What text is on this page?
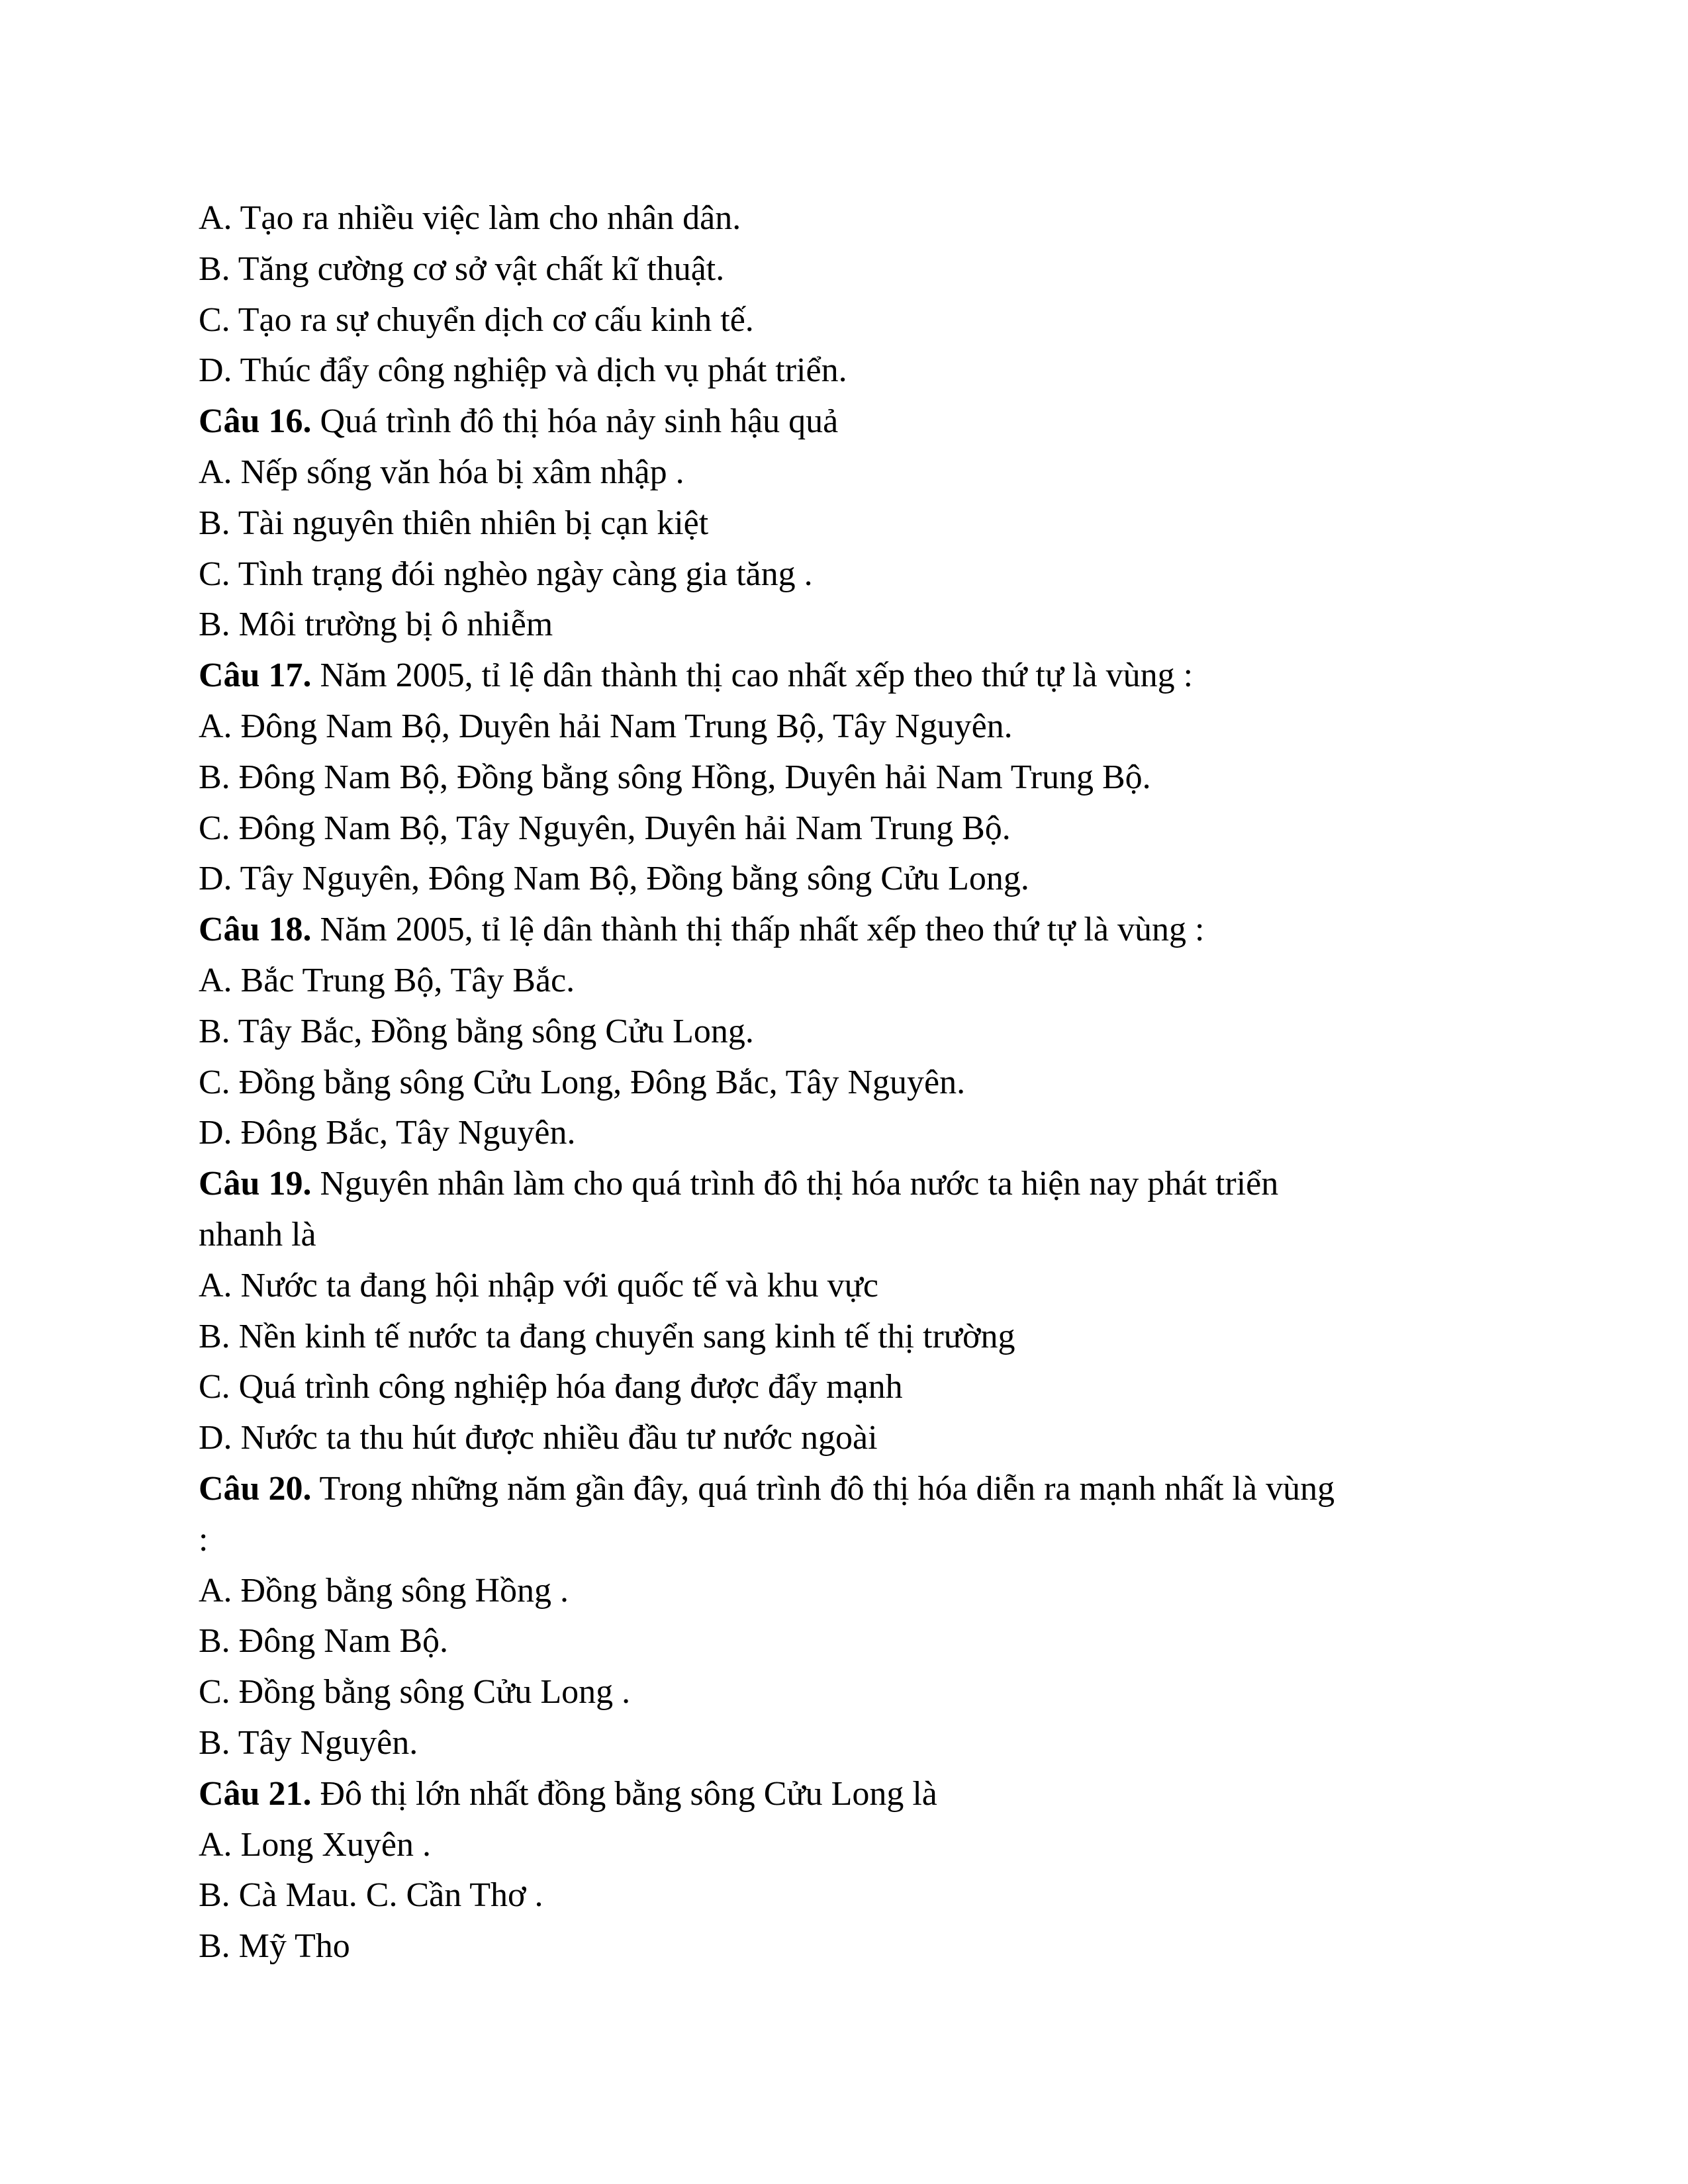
A. Tạo ra nhiều việc làm cho nhân dân.
B. Tăng cường cơ sở vật chất kĩ thuật.
C. Tạo ra sự chuyển dịch cơ cấu kinh tế.
D. Thúc đẩy công nghiệp và dịch vụ phát triển.
Câu 16. Quá trình đô thị hóa nảy sinh hậu quả
A. Nếp sống văn hóa bị xâm nhập .
B. Tài nguyên thiên nhiên bị cạn kiệt
C. Tình trạng đói nghèo ngày càng gia tăng .
B. Môi trường bị ô nhiễm
Câu 17. Năm 2005, tỉ lệ dân thành thị cao nhất xếp theo thứ tự là vùng :
A. Đông Nam Bộ, Duyên hải Nam Trung Bộ, Tây Nguyên.
B. Đông Nam Bộ, Đồng bằng sông Hồng, Duyên hải Nam Trung Bộ.
C. Đông Nam Bộ, Tây Nguyên, Duyên hải Nam Trung Bộ.
D. Tây Nguyên, Đông Nam Bộ, Đồng bằng sông Cửu Long.
Câu 18. Năm 2005, tỉ lệ dân thành thị thấp nhất xếp theo thứ tự là vùng :
A. Bắc Trung Bộ, Tây Bắc.
B. Tây Bắc, Đồng bằng sông Cửu Long.
C. Đồng bằng sông Cửu Long, Đông Bắc, Tây Nguyên.
D. Đông Bắc, Tây Nguyên.
Câu 19. Nguyên nhân làm cho quá trình đô thị hóa nước ta hiện nay phát triển
nhanh là
A. Nước ta đang hội nhập với quốc tế và khu vực
B. Nền kinh tế nước ta đang chuyển sang kinh tế thị trường
C. Quá trình công nghiệp hóa đang được đẩy mạnh
D. Nước ta thu hút được nhiều đầu tư nước ngoài
Câu 20. Trong những năm gần đây, quá trình đô thị hóa diễn ra mạnh nhất là vùng
:
A. Đồng bằng sông Hồng .
B. Đông Nam Bộ.
C. Đồng bằng sông Cửu Long .
B. Tây Nguyên.
Câu 21. Đô thị lớn nhất đồng bằng sông Cửu Long là
A. Long Xuyên .
B. Cà Mau. C. Cần Thơ .
B. Mỹ Tho
